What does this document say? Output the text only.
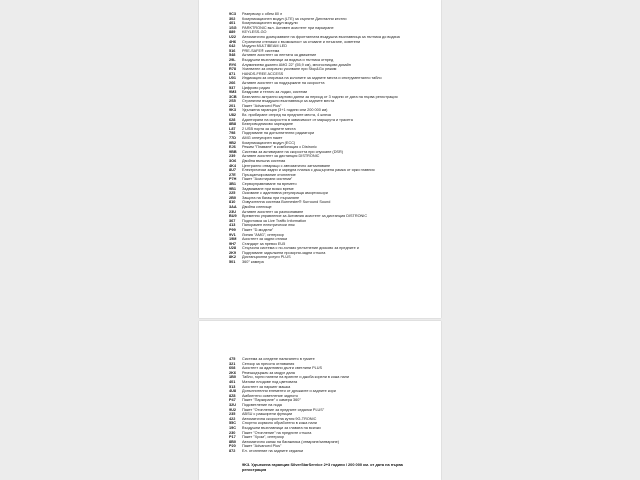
9C3	Разервоар с обем 80 л
302	Комуникационен модул (LTE) за сърните Дигитални кестли
401	Комуникационен модул модули
1SG	PARKTRONIC вкл. Активен асистент при паркиране
889	KEYLESS-GO
U22	Автоматично домързавяне на фронталната въздушна възглавница за пътника до водача
4H6	Странични стелажи с възможност за сгъване и плъзгане, осветени
642	Модули MULTIBEAM LED
516	PRE-SAFE® система
548	Активен асистент за лентата за движение
29L	Въздушни възглавници за водача и пътника отпред
RY6	Алуминиеви джанти AMG 22" (55,9 см), многоспицови дизайн
R78	Усилвател за спирачно усилване при Stop&Go режим
871	HANDS-FREE ACCESS
U01	Индикация за спирачка на колоните за задните места и инструментално табло
266	Активен асистент за поддържане на скоростта
537	Цифрово радио
9M3	Бездрове и теглич за лодки, системи
3CB	Безплатно актуално картови данни за период от 3 години от дата на първа регистрация
2S5	Странични въздушни възглавници за задните места
201	Пакет "Advanced Plus"
9K3	Удължена гаранция (3+1 години или 200 000 км)
U82	Вх. прибиране отпред на предните места, 4 жлеза
628	Адаптирани на скоростта в зависимост от маршрута и трасета
8B8	Безпроводниково зареждане
L87	2 USB порта за задните места
798	Подгряване на допълнителни радиатори
77D	AMG огнеупорен пакет
9B2	Комуникационен модул (ECC)
EJ6	Режим "Плаване" в комбинация с Distronic
9BB	Система за активиране на скоростта при спускане (DSR)
239	Активен асистент за дистанция DISTRONIC
3O6	Двойна външна система
4K4	Централно отварящо с автоматично затъмняване
8U7	Електрически задни и заредна планка с дъщърчена рамка от ярки главния
27E	Пръзцанчирование отопление
P7H	Пакет "Асистирани системи"
3B1	Сервоуправляване на времето
9B1	Задвижване при всяко време
225	Окачване с адаптивна регулираща амортисьори
2B0	Защита на багаж при пързаляне
810	Озвучителна система Burmester® Surround Sound
3AA	Двойна слепище
23U	Активен асистент за разпознаване
BU9	Временно управление за Активния асистент за дистанция DISTRONIC
367	Подготовка за Live Traffic Information
413	Панорамен електрически люк
P99	Пакет "D-модели"
9V1	Линия "AMG", интериор
19M	Асистент за задни отлики
9H7	Стандарт за превоз EU5
U28	Сгърчила система с по-голямо уплътнение дисково за предните и
2K9	Подгряване задължени прозорни-задни стъкла
8K2	Дистанционни услуги PLUS
501	360° камера
475	Система за следене налягането в гумите
321	Сензор за пресота отлявания
608	Асистент за адаптивни дълги светлини PLUS
2K6	Ремъкодържач за модул дала
1B0	Табло, горни панели на вратите и джоба корели в кожа нали
401	Матови плодове под цветовата
513	Асистент за паркинг машка
4U8	Допълнителни елементи от дръжките и задните кори
8Z8	Амбиентно осветление задното
P47	Пакет "Паркиране" с камера 360°
32U	Подсветление на пода
9U2	Пакет "Отопление за предните седалки PLUS"
235	ABSU с разширени функции
422	Автоматична скоростна кутия 9G-TRONIC
55C	Спортно кормило обработено в кожа нали
19C	Въздушни възглавници за главата на всички
230	Пакет "Отопление" на предните стъкла
P17	Пакет "Хром", интериор
8B0	Автоматично капак на багажника (отваряне/затваряне)
P20	Пакет "Advanced Plus"
872	Ел. отопление на задните седалки
9K3. Удължена гаранция SilverStarService 2+3 години / 200 000 км. от дата на първа регистрация
